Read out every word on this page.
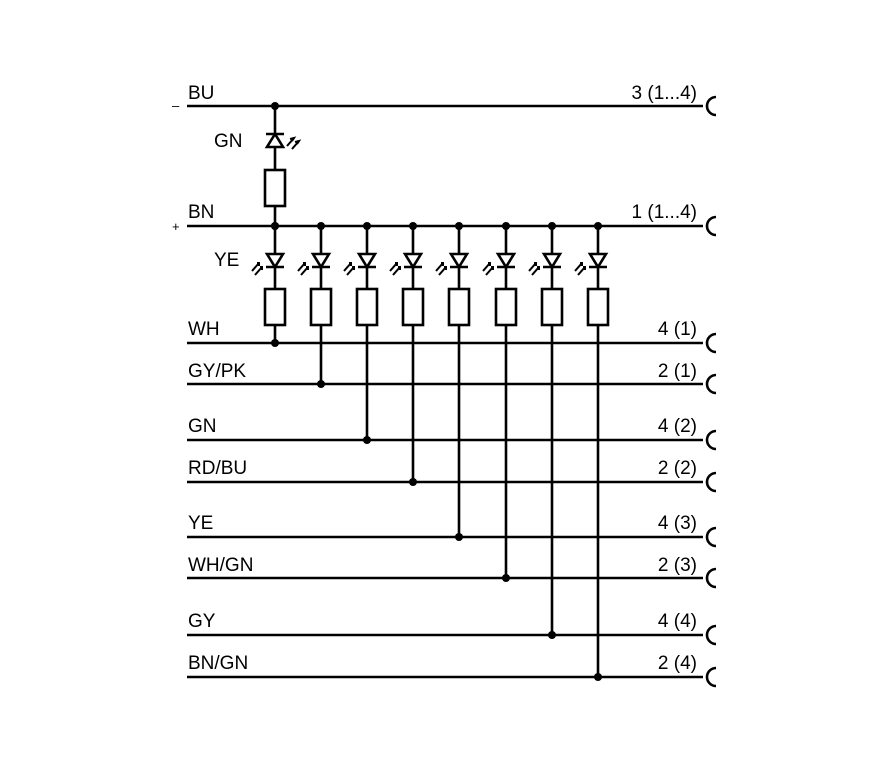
–
BU	3 (1...4)
+
BN	1 (1...4)
GN
YE
WH	4 (1)
GY/PK	2 (1)
GN	4 (2)
RD/BU	2 (2)
YE	4 (3)
WH/GN	2 (3)
GY	4 (4)
BN/GN	2 (4)
